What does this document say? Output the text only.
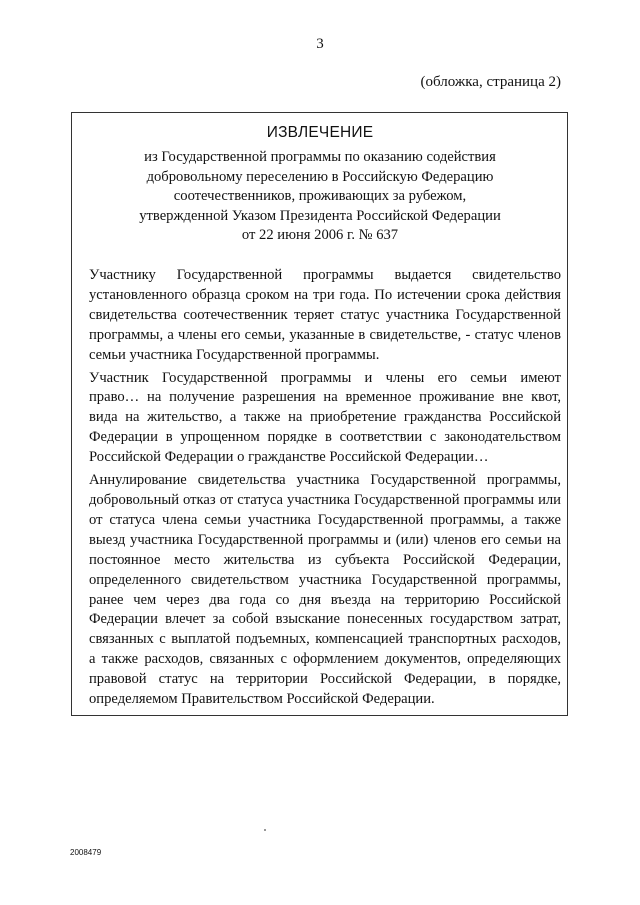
3
(обложка, страница 2)
ИЗВЛЕЧЕНИЕ
из Государственной программы по оказанию содействия
добровольному переселению в Российскую Федерацию
соотечественников, проживающих за рубежом,
утвержденной Указом Президента Российской Федерации
от 22 июня 2006 г. № 637
Участнику Государственной программы выдается свидетельство
установленного образца сроком на три года. По истечении срока действия
свидетельства соотечественник теряет статус участника Государственной
программы, а члены его семьи, указанные в свидетельстве, - статус членов
семьи участника Государственной программы.
Участник Государственной программы и члены его семьи имеют
право… на получение разрешения на временное проживание вне квот,
вида на жительство, а также на приобретение гражданства Российской
Федерации в упрощенном порядке в соответствии с законодательством
Российской Федерации о гражданстве Российской Федерации…
Аннулирование свидетельства участника Государственной программы,
добровольный отказ от статуса участника Государственной программы или
от статуса члена семьи участника Государственной программы, а также
выезд участника Государственной программы и (или) членов его семьи на
постоянное место жительства из субъекта Российской Федерации,
определенного свидетельством участника Государственной программы,
ранее чем через два года со дня въезда на территорию Российской
Федерации влечет за собой взыскание понесенных государством затрат,
связанных с выплатой подъемных, компенсацией транспортных расходов,
а также расходов, связанных с оформлением документов, определяющих
правовой статус на территории Российской Федерации, в порядке,
определяемом Правительством Российской Федерации.
2008479
